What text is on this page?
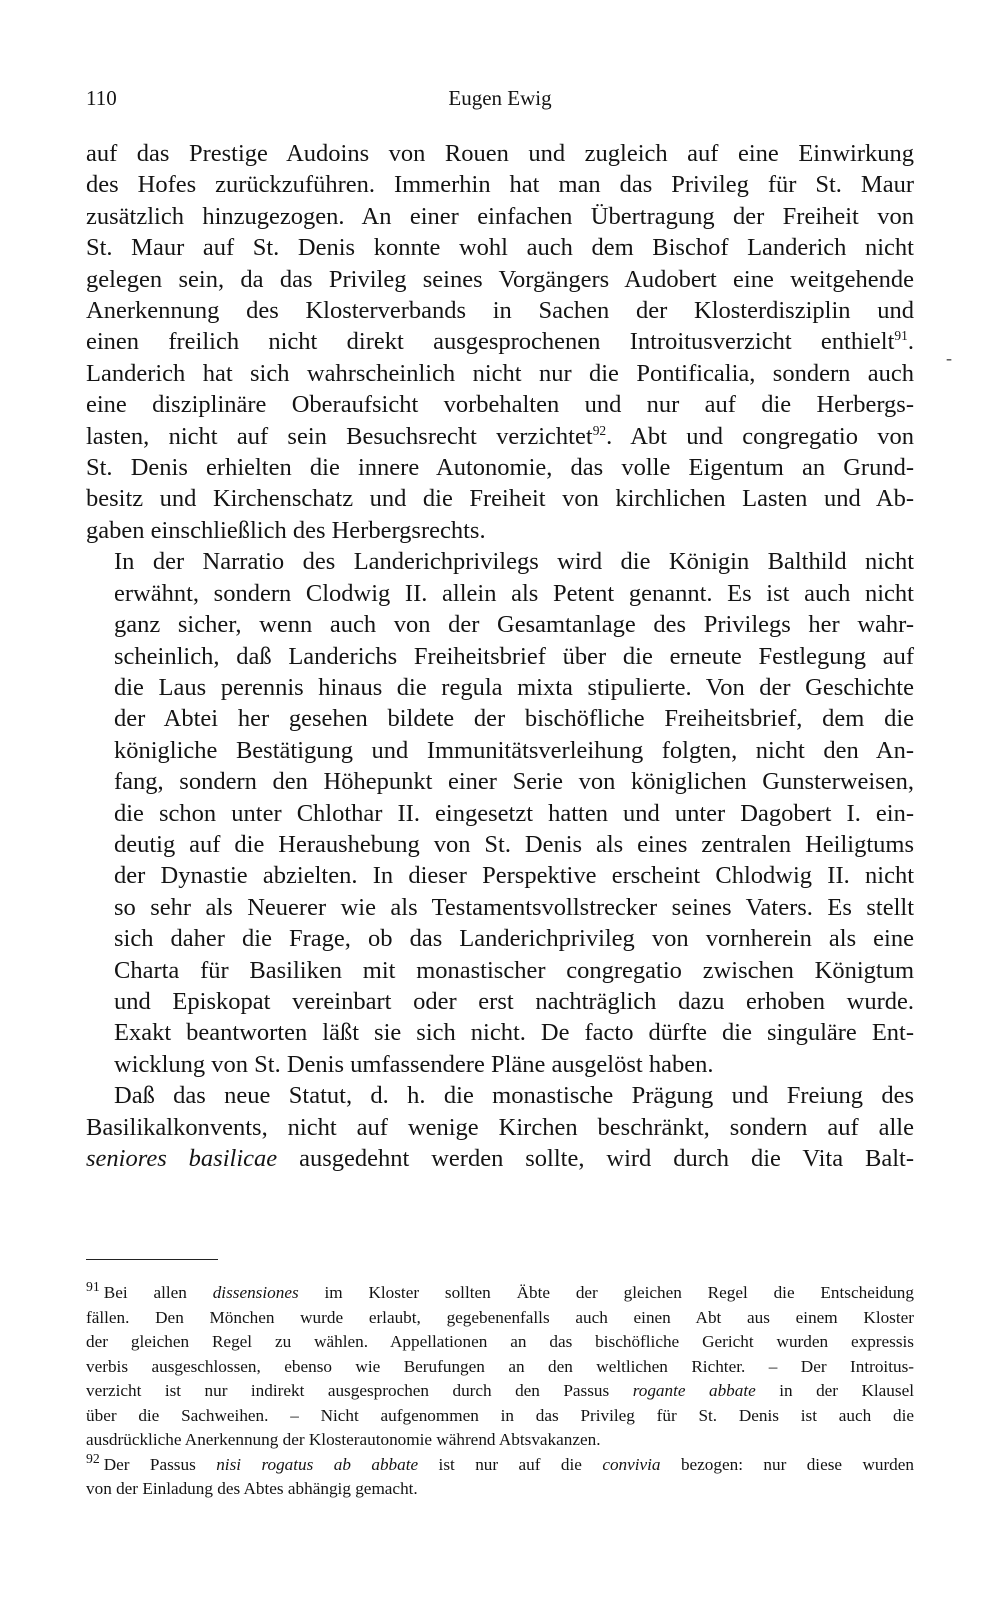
110	Eugen Ewig

auf das Prestige Audoins von Rouen und zugleich auf eine Einwirkung
des Hofes zurückzuführen. Immerhin hat man das Privileg für St. Maur
zusätzlich hinzugezogen. An einer einfachen Übertragung der Freiheit von
St. Maur auf St. Denis konnte wohl auch dem Bischof Landerich nicht
gelegen sein, da das Privileg seines Vorgängers Audobert eine weitgehende
Anerkennung des Klosterverbands in Sachen der Klosterdisziplin und
einen freilich nicht direkt ausgesprochenen Introitusverzicht enthielt$^{91}$.
Landerich hat sich wahrscheinlich nicht nur die Pontificalia, sondern auch
eine disziplinäre Oberaufsicht vorbehalten und nur auf die Herbergs-
lasten, nicht auf sein Besuchsrecht verzichtet$^{92}$. Abt und congregatio von
St. Denis erhielten die innere Autonomie, das volle Eigentum an Grund-
besitz und Kirchenschatz und die Freiheit von kirchlichen Lasten und Ab-
gaben einschließlich des Herbergsrechts.

In der Narratio des Landerichprivilegs wird die Königin Balthild nicht
erwähnt, sondern Clodwig II. allein als Petent genannt. Es ist auch nicht
ganz sicher, wenn auch von der Gesamtanlage des Privilegs her wahr-
scheinlich, daß Landerichs Freiheitsbrief über die erneute Festlegung auf
die Laus perennis hinaus die regula mixta stipulierte. Von der Geschichte
der Abtei her gesehen bildete der bischöfliche Freiheitsbrief, dem die
königliche Bestätigung und Immunitätsverleihung folgten, nicht den An-
fang, sondern den Höhepunkt einer Serie von königlichen Gunsterweisen,
die schon unter Chlothar II. eingesetzt hatten und unter Dagobert I. ein-
deutig auf die Heraushebung von St. Denis als eines zentralen Heiligtums
der Dynastie abzielten. In dieser Perspektive erscheint Chlodwig II. nicht
so sehr als Neuerer wie als Testamentsvollstrecker seines Vaters. Es stellt
sich daher die Frage, ob das Landerichprivileg von vornherein als eine
Charta für Basiliken mit monastischer congregatio zwischen Königtum
und Episkopat vereinbart oder erst nachträglich dazu erhoben wurde.
Exakt beantworten läßt sie sich nicht. De facto dürfte die singuläre Ent-
wicklung von St. Denis umfassendere Pläne ausgelöst haben.

Daß das neue Statut, d. h. die monastische Prägung und Freiung des
Basilikalkonvents, nicht auf wenige Kirchen beschränkt, sondern auf alle
seniores basilicae ausgedehnt werden sollte, wird durch die Vita Balt-

-
$^{91}$ Bei allen dissensiones im Kloster sollten Äbte der gleichen Regel die Entscheidung
fällen. Den Mönchen wurde erlaubt, gegebenenfalls auch einen Abt aus einem Kloster
der gleichen Regel zu wählen. Appellationen an das bischöfliche Gericht wurden expressis
verbis ausgeschlossen, ebenso wie Berufungen an den weltlichen Richter. – Der Introitus-
verzicht ist nur indirekt ausgesprochen durch den Passus rogante abbate in der Klausel
über die Sachweihen. – Nicht aufgenommen in das Privileg für St. Denis ist auch die
ausdrückliche Anerkennung der Klosterautonomie während Abtsvakanzen.
$^{92}$ Der Passus nisi rogatus ab abbate ist nur auf die convivia bezogen: nur diese wurden
von der Einladung des Abtes abhängig gemacht.
